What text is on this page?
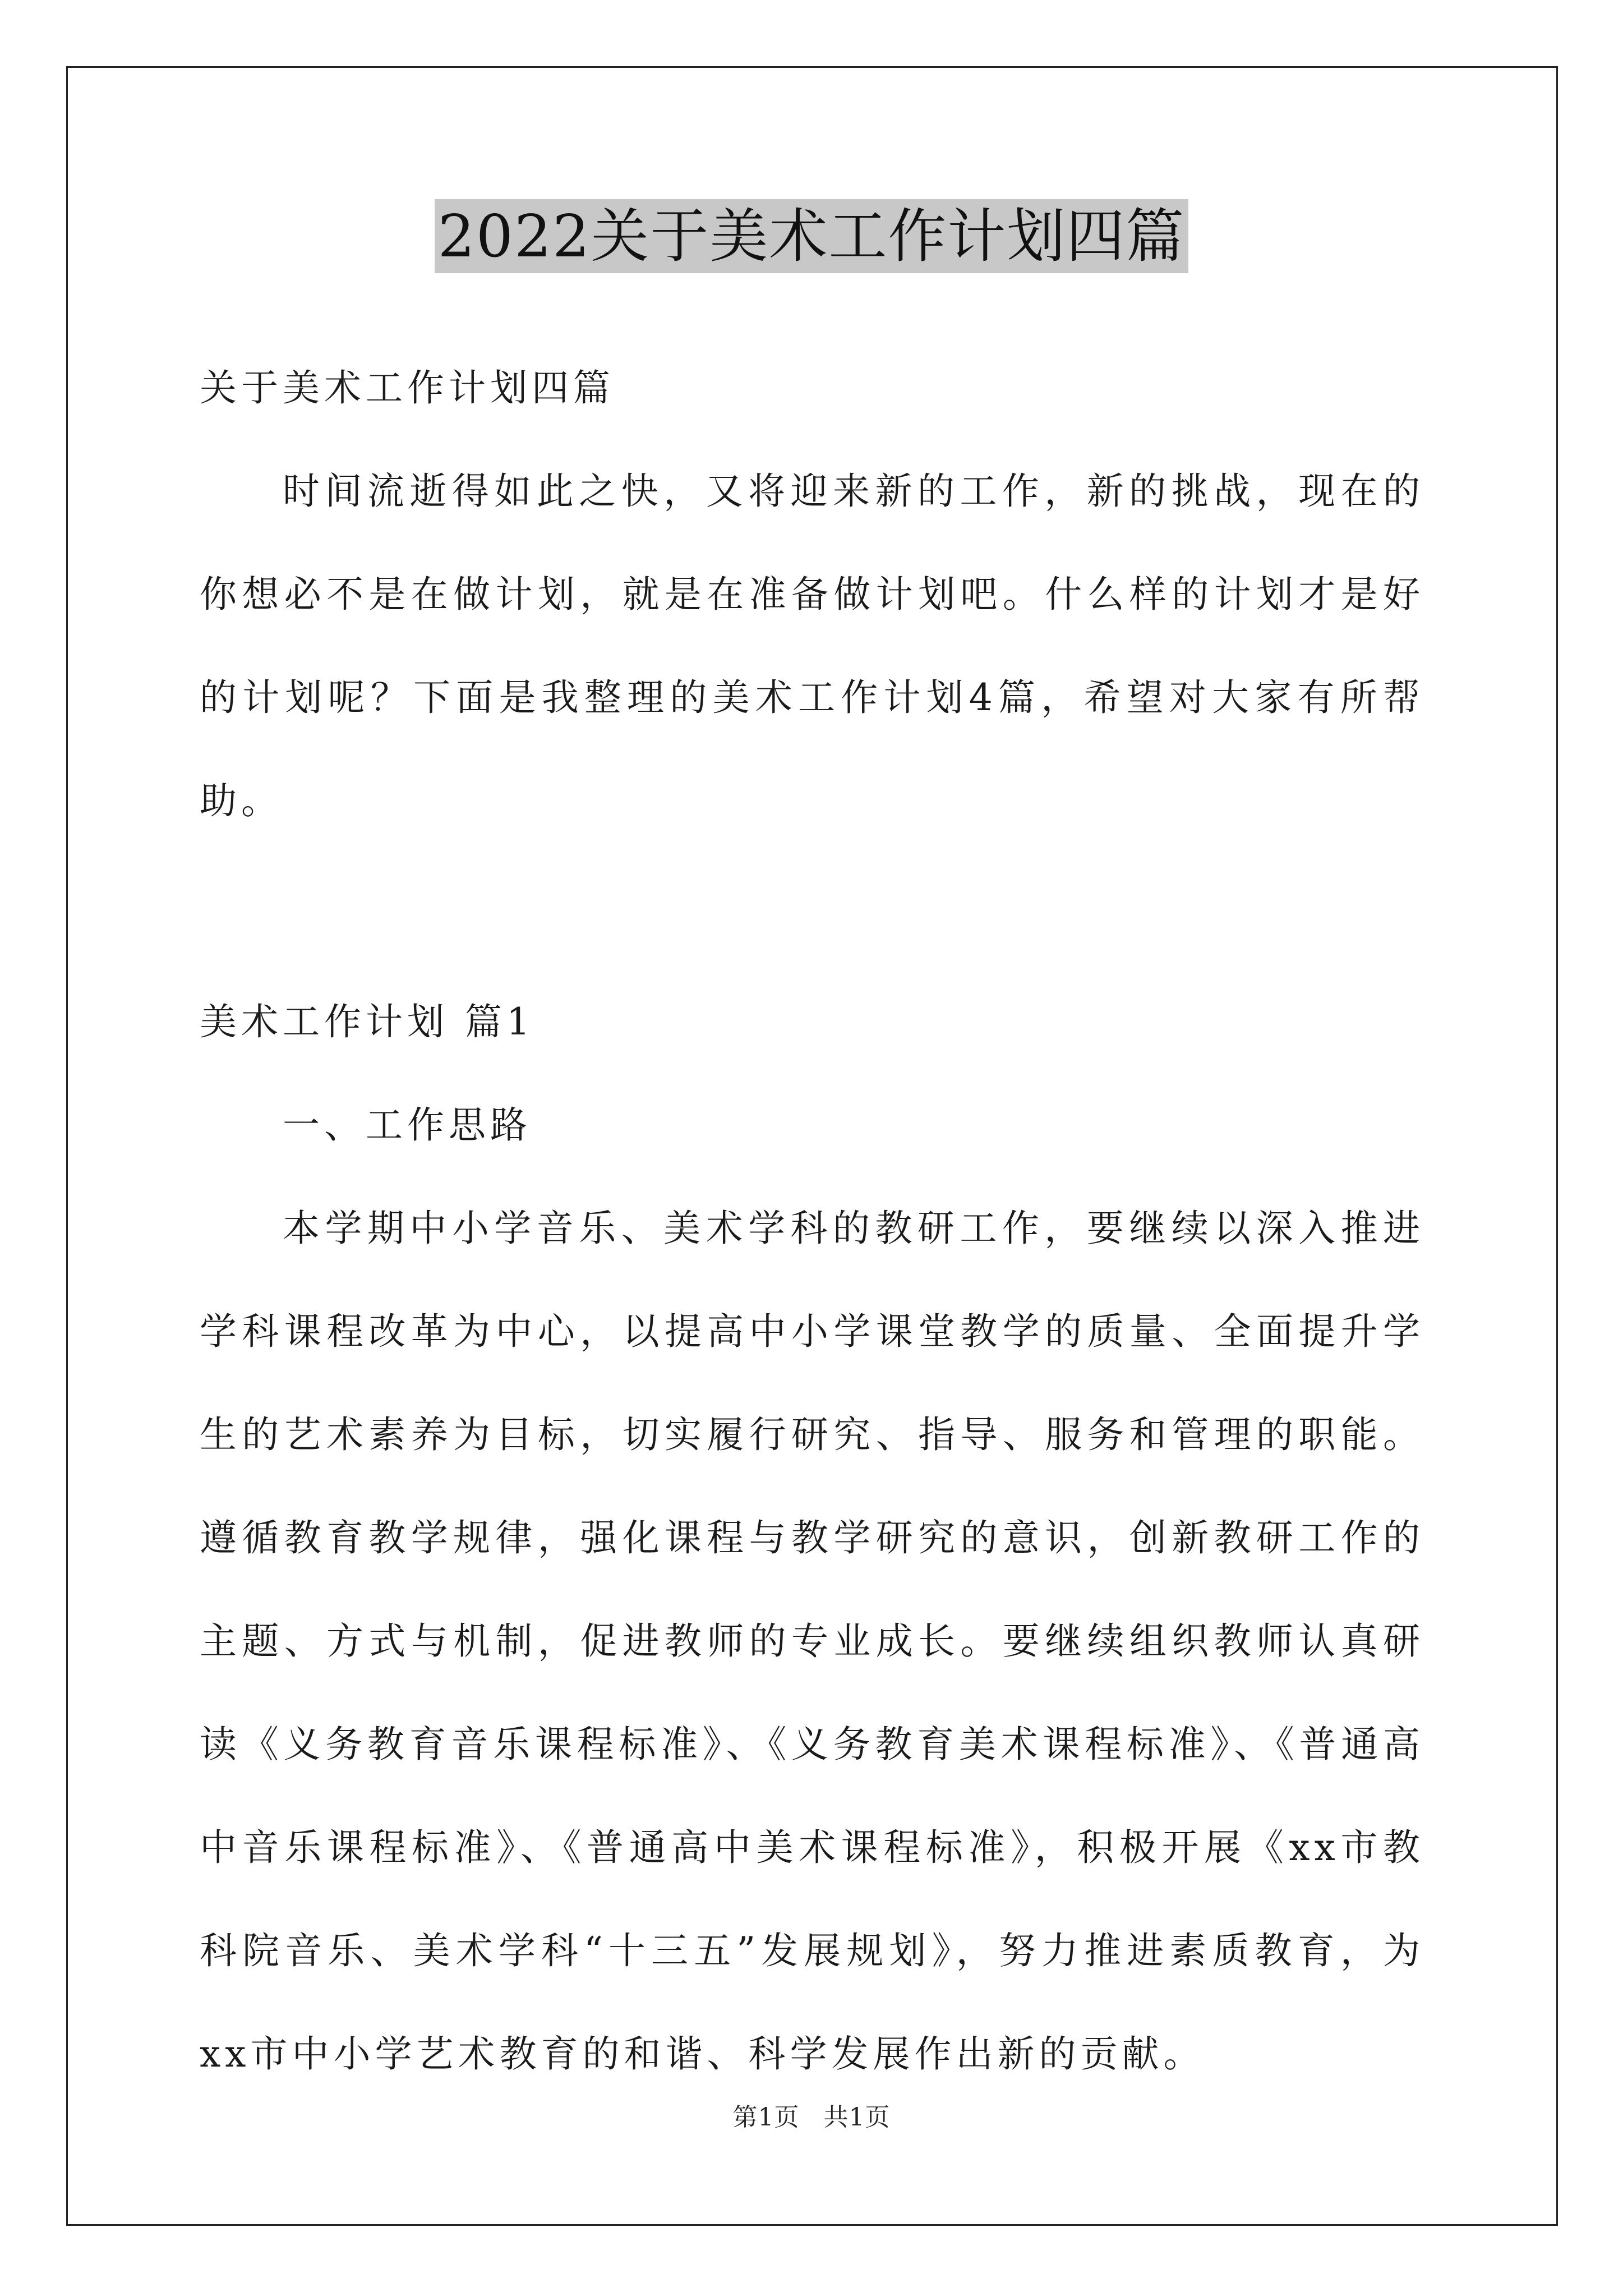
2022关于美术工作计划四篇

关于美术工作计划四篇

时间流逝得如此之快，又将迎来新的工作，新的挑战，现在的你想必不是在做计划，就是在准备做计划吧。什么样的计划才是好的计划呢？下面是我整理的美术工作计划4篇，希望对大家有所帮助。

美术工作计划 篇1

一、工作思路

本学期中小学音乐、美术学科的教研工作，要继续以深入推进学科课程改革为中心，以提高中小学课堂教学的质量、全面提升学生的艺术素养为目标，切实履行研究、指导、服务和管理的职能。遵循教育教学规律，强化课程与教学研究的意识，创新教研工作的主题、方式与机制，促进教师的专业成长。要继续组织教师认真研读《义务教育音乐课程标准》、《义务教育美术课程标准》、《普通高中音乐课程标准》、《普通高中美术课程标准》，积极开展《xx市教科院音乐、美术学科“十三五”发展规划》，努力推进素质教育，为xx市中小学艺术教育的和谐、科学发展作出新的贡献。

第1页 共1页
